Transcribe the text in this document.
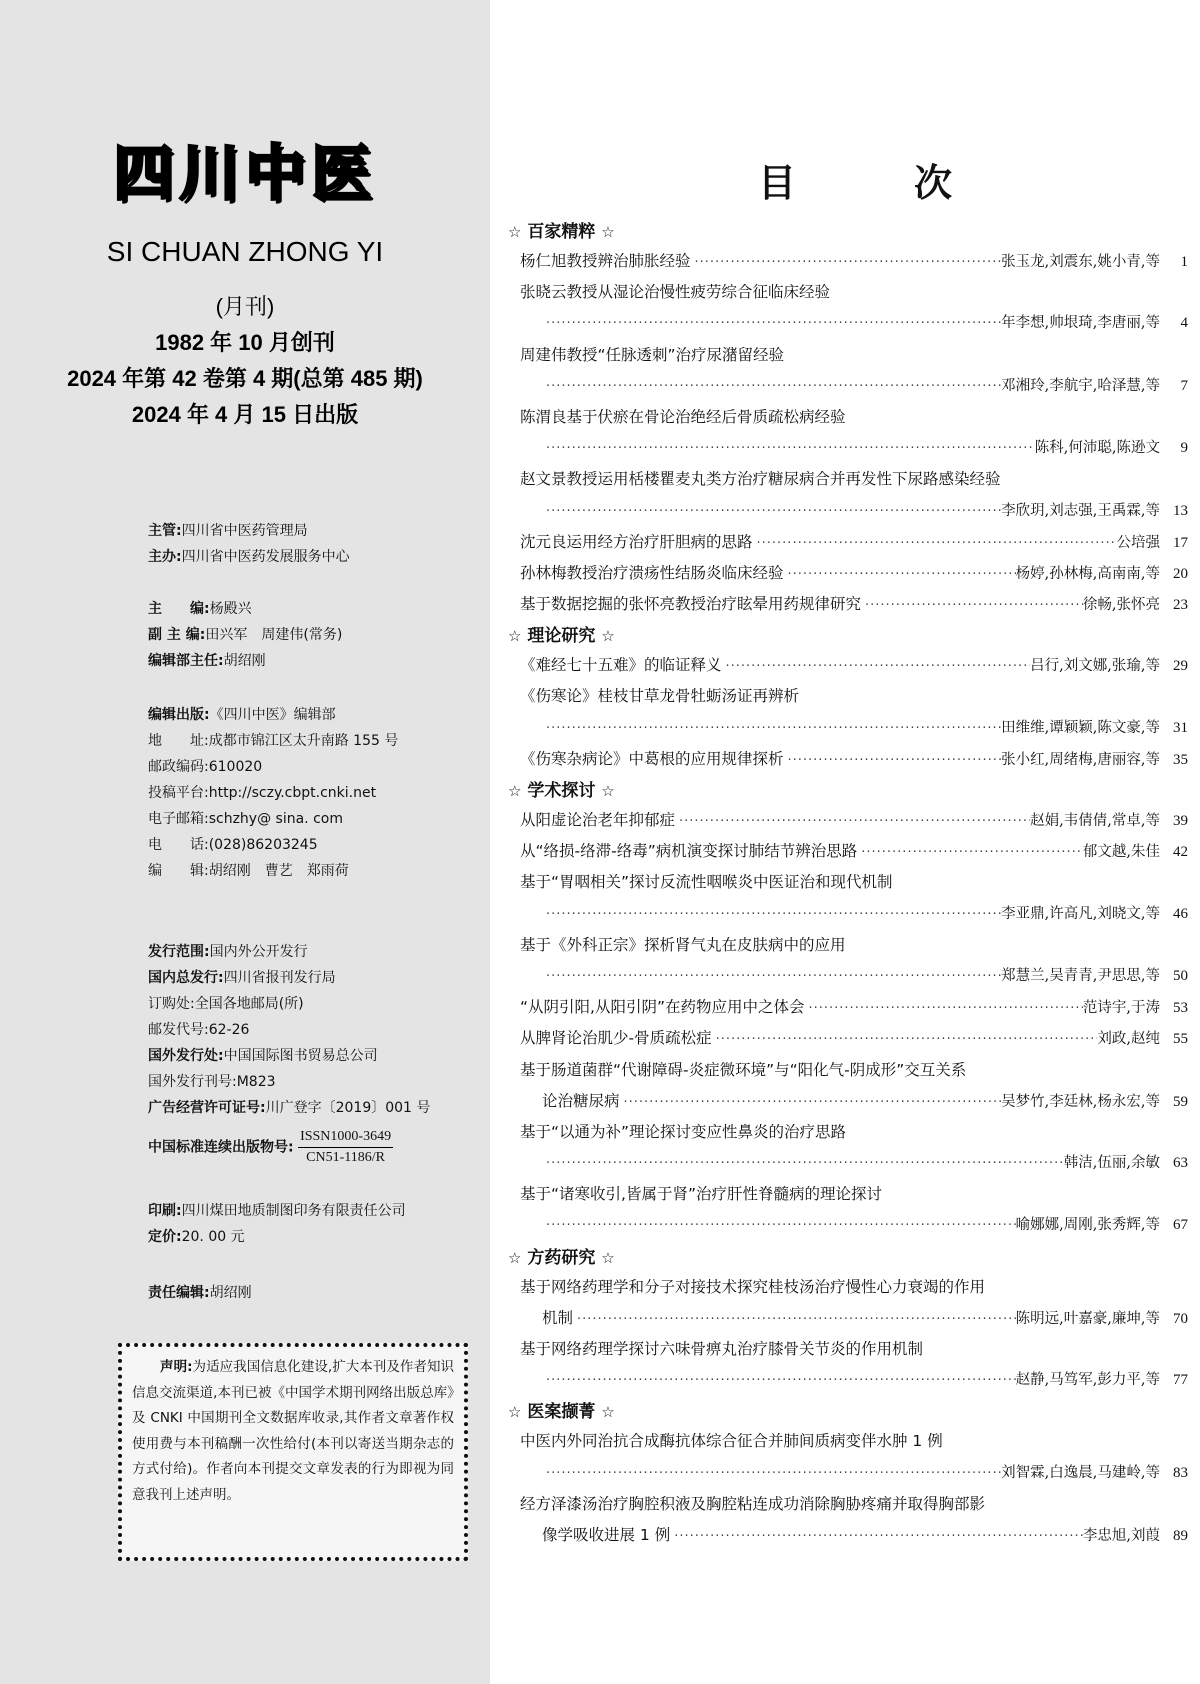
四川中医
SI CHUAN ZHONG YI
(月刊)
1982 年 10 月创刊
2024 年第 42 卷第 4 期(总第 485 期)
2024 年 4 月 15 日出版
主管:四川省中医药管理局
主办:四川省中医药发展服务中心
主　　编:杨殿兴
副 主 编:田兴军　周建伟(常务)
编辑部主任:胡绍刚
编辑出版:《四川中医》编辑部
地　　址:成都市锦江区太升南路 155 号
邮政编码:610020
投稿平台:http://sczy.cbpt.cnki.net
电子邮箱:schzhy@ sina. com
电　　话:(028)86203245
编　　辑:胡绍刚　曹艺　郑雨荷
发行范围:国内外公开发行
国内总发行:四川省报刊发行局
订购处:全国各地邮局(所)
邮发代号:62-26
国外发行处:中国国际图书贸易总公司
国外发行刊号:M823
广告经营许可证号:川广登字〔2019〕001 号
中国标准连续出版物号:
ISSN1000-3649
CN51-1186/R
印刷:四川煤田地质制图印务有限责任公司
定价:20. 00 元
责任编辑:胡绍刚
声明:为适应我国信息化建设,扩大本刊及作者知识信息交流渠道,本刊已被《中国学术期刊网络出版总库》及 CNKI 中国期刊全文数据库收录,其作者文章著作权使用费与本刊稿酬一次性给付(本刊以寄送当期杂志的方式付给)。作者向本刊提交文章发表的行为即视为同意我刊上述声明。
目　次
☆ 百家精粹 ☆
杨仁旭教授辨治肺胀经验 ·····	张玉龙,刘震东,姚小青,等	1
张晓云教授从湿论治慢性疲劳综合征临床经验
·····
年李想,帅垠琦,李唐丽,等	4
周建伟教授“任脉透刺”治疗尿潴留经验
·····
邓湘玲,李航宇,哈泽慧,等	7
陈渭良基于伏瘀在骨论治绝经后骨质疏松病经验
·····
陈科,何沛聪,陈逊文	9
赵文景教授运用栝楼瞿麦丸类方治疗糖尿病合并再发性下尿路感染经验
·····
李欣玥,刘志强,王禹霖,等 13
沈元良运用经方治疗肝胆病的思路 ·····	公培强 17
孙林梅教授治疗溃疡性结肠炎临床经验 ·····	杨婷,孙林梅,高南南,等 20
基于数据挖掘的张怀亮教授治疗眩晕用药规律研究 ·····	徐畅,张怀亮 23
☆ 理论研究 ☆
《难经七十五难》的临证释义 ·····	吕行,刘文娜,张瑜,等 29
《伤寒论》桂枝甘草龙骨牡蛎汤证再辨析
·····
田维维,谭颖颖,陈文豪,等 31
《伤寒杂病论》中葛根的应用规律探析 ·····	张小红,周绪梅,唐丽容,等 35
☆ 学术探讨 ☆
从阳虚论治老年抑郁症 ·····	赵娟,韦倩倩,常卓,等 39
从“络损-络滞-络毒”病机演变探讨肺结节辨治思路 ·····	郁文越,朱佳 42
基于“胃咽相关”探讨反流性咽喉炎中医证治和现代机制
·····
李亚鼎,许高凡,刘晓文,等 46
基于《外科正宗》探析肾气丸在皮肤病中的应用
·····
郑慧兰,吴青青,尹思思,等 50
“从阴引阳,从阳引阴”在药物应用中之体会 ·····	范诗宇,于涛 53
从脾肾论治肌少-骨质疏松症 ·····	刘政,赵纯 55
基于肠道菌群“代谢障碍-炎症微环境”与“阳化气-阴成形”交互关系
论治糖尿病 ·····	吴梦竹,李廷林,杨永宏,等 59
基于“以通为补”理论探讨变应性鼻炎的治疗思路
·····
韩洁,伍丽,余敏 63
基于“诸寒收引,皆属于肾”治疗肝性脊髓病的理论探讨
·····
喻娜娜,周刚,张秀辉,等 67
☆ 方药研究 ☆
基于网络药理学和分子对接技术探究桂枝汤治疗慢性心力衰竭的作用
机制 ·····	陈明远,叶嘉豪,廉坤,等 70
基于网络药理学探讨六味骨痹丸治疗膝骨关节炎的作用机制
·····
赵静,马笃军,彭力平,等 77
☆ 医案撷菁 ☆
中医内外同治抗合成酶抗体综合征合并肺间质病变伴水肿 1 例
·····
刘智霖,白逸晨,马建岭,等 83
经方泽漆汤治疗胸腔积液及胸腔粘连成功消除胸胁疼痛并取得胸部影
像学吸收进展 1 例 ·····	李忠旭,刘葭 89
